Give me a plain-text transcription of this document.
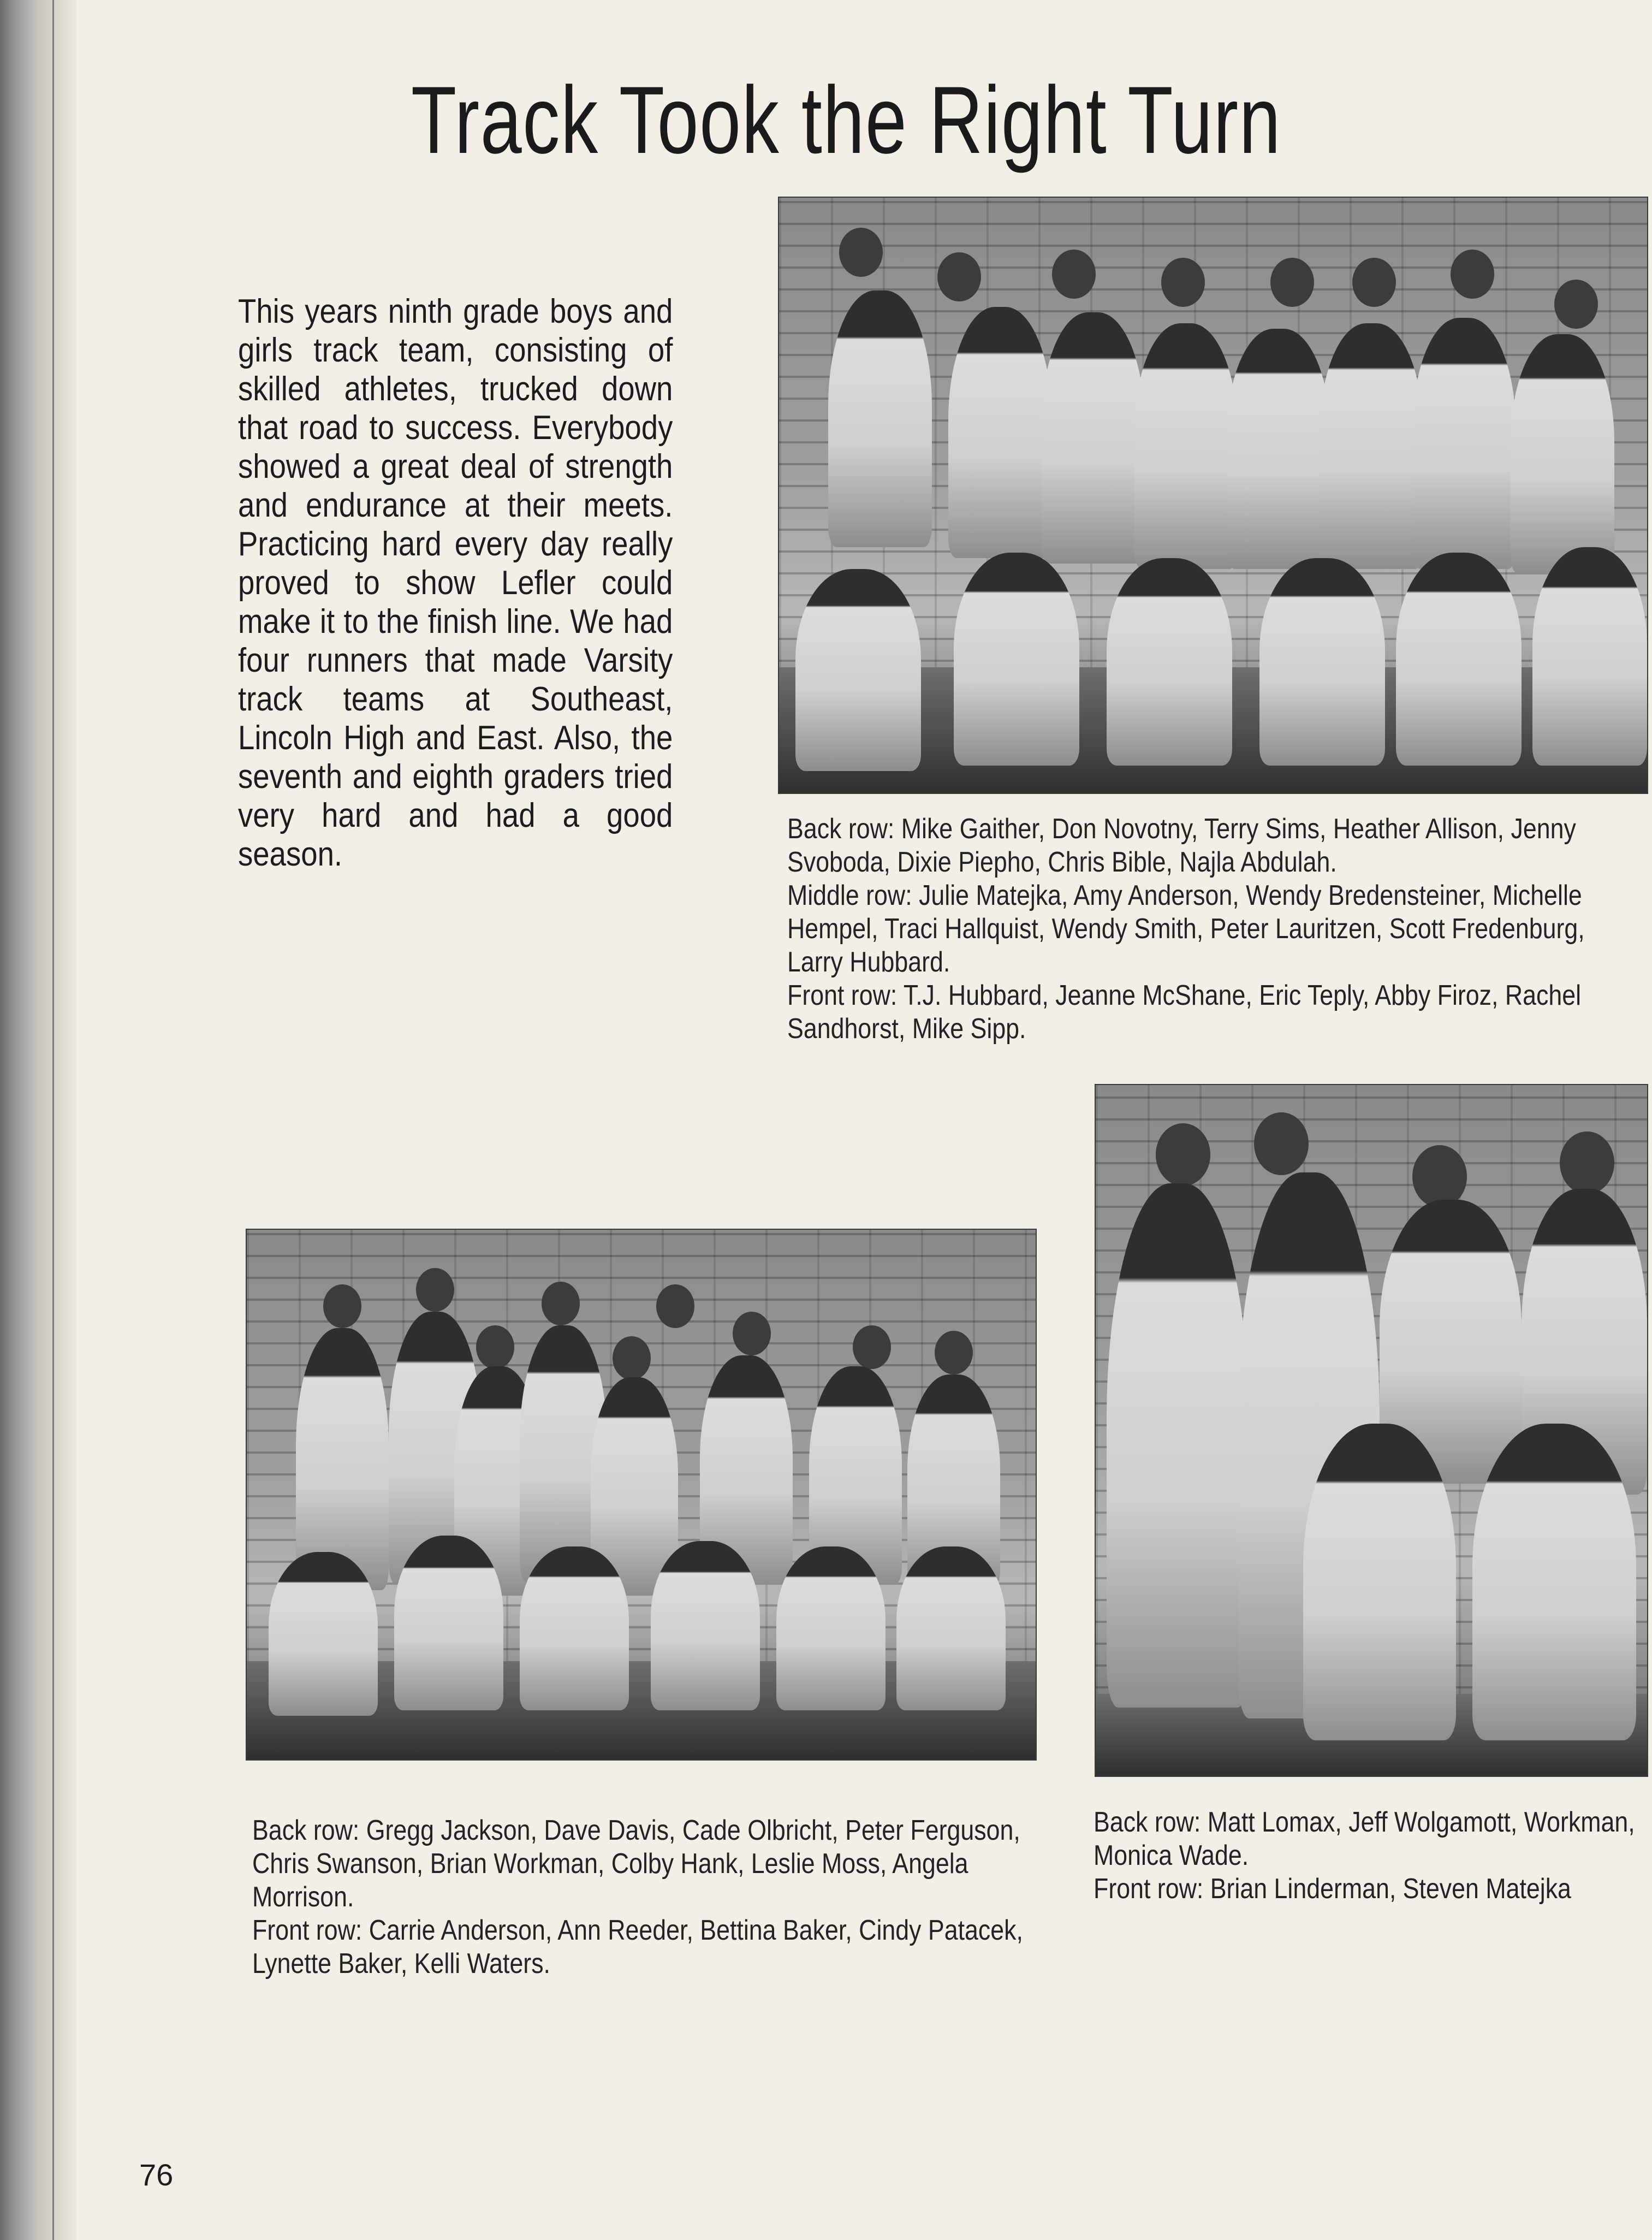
Track Took the Right Turn
This years ninth grade boys and girls track team, consisting of skilled athletes, trucked down that road to success. Everybody showed a great deal of strength and endurance at their meets. Practicing hard every day really proved to show Lefler could make it to the finish line. We had four runners that made Varsity track teams at Southeast, Lincoln High and East. Also, the seventh and eighth graders tried very hard and had a good season.

Back row: Mike Gaither, Don Novotny, Terry Sims, Heather Allison, Jenny Svoboda, Dixie Piepho, Chris Bible, Najla Abdulah.

Middle row: Julie Matejka, Amy Anderson, Wendy Bredensteiner, Michelle Hempel, Traci Hallquist, Wendy Smith, Peter Lauritzen, Scott Fredenburg, Larry Hubbard.

Front row: T.J. Hubbard, Jeanne McShane, Eric Teply, Abby Firoz, Rachel Sandhorst, Mike Sipp.

Back row: Gregg Jackson, Dave Davis, Cade Olbricht, Peter Ferguson, Chris Swanson, Brian Workman, Colby Hank, Leslie Moss, Angela Morrison.

Front row: Carrie Anderson, Ann Reeder, Bettina Baker, Cindy Patacek, Lynette Baker, Kelli Waters.

Back row: Matt Lomax, Jeff Wolgamott, Workman, Monica Wade.

Front row: Brian Linderman, Steven Matejka

76
